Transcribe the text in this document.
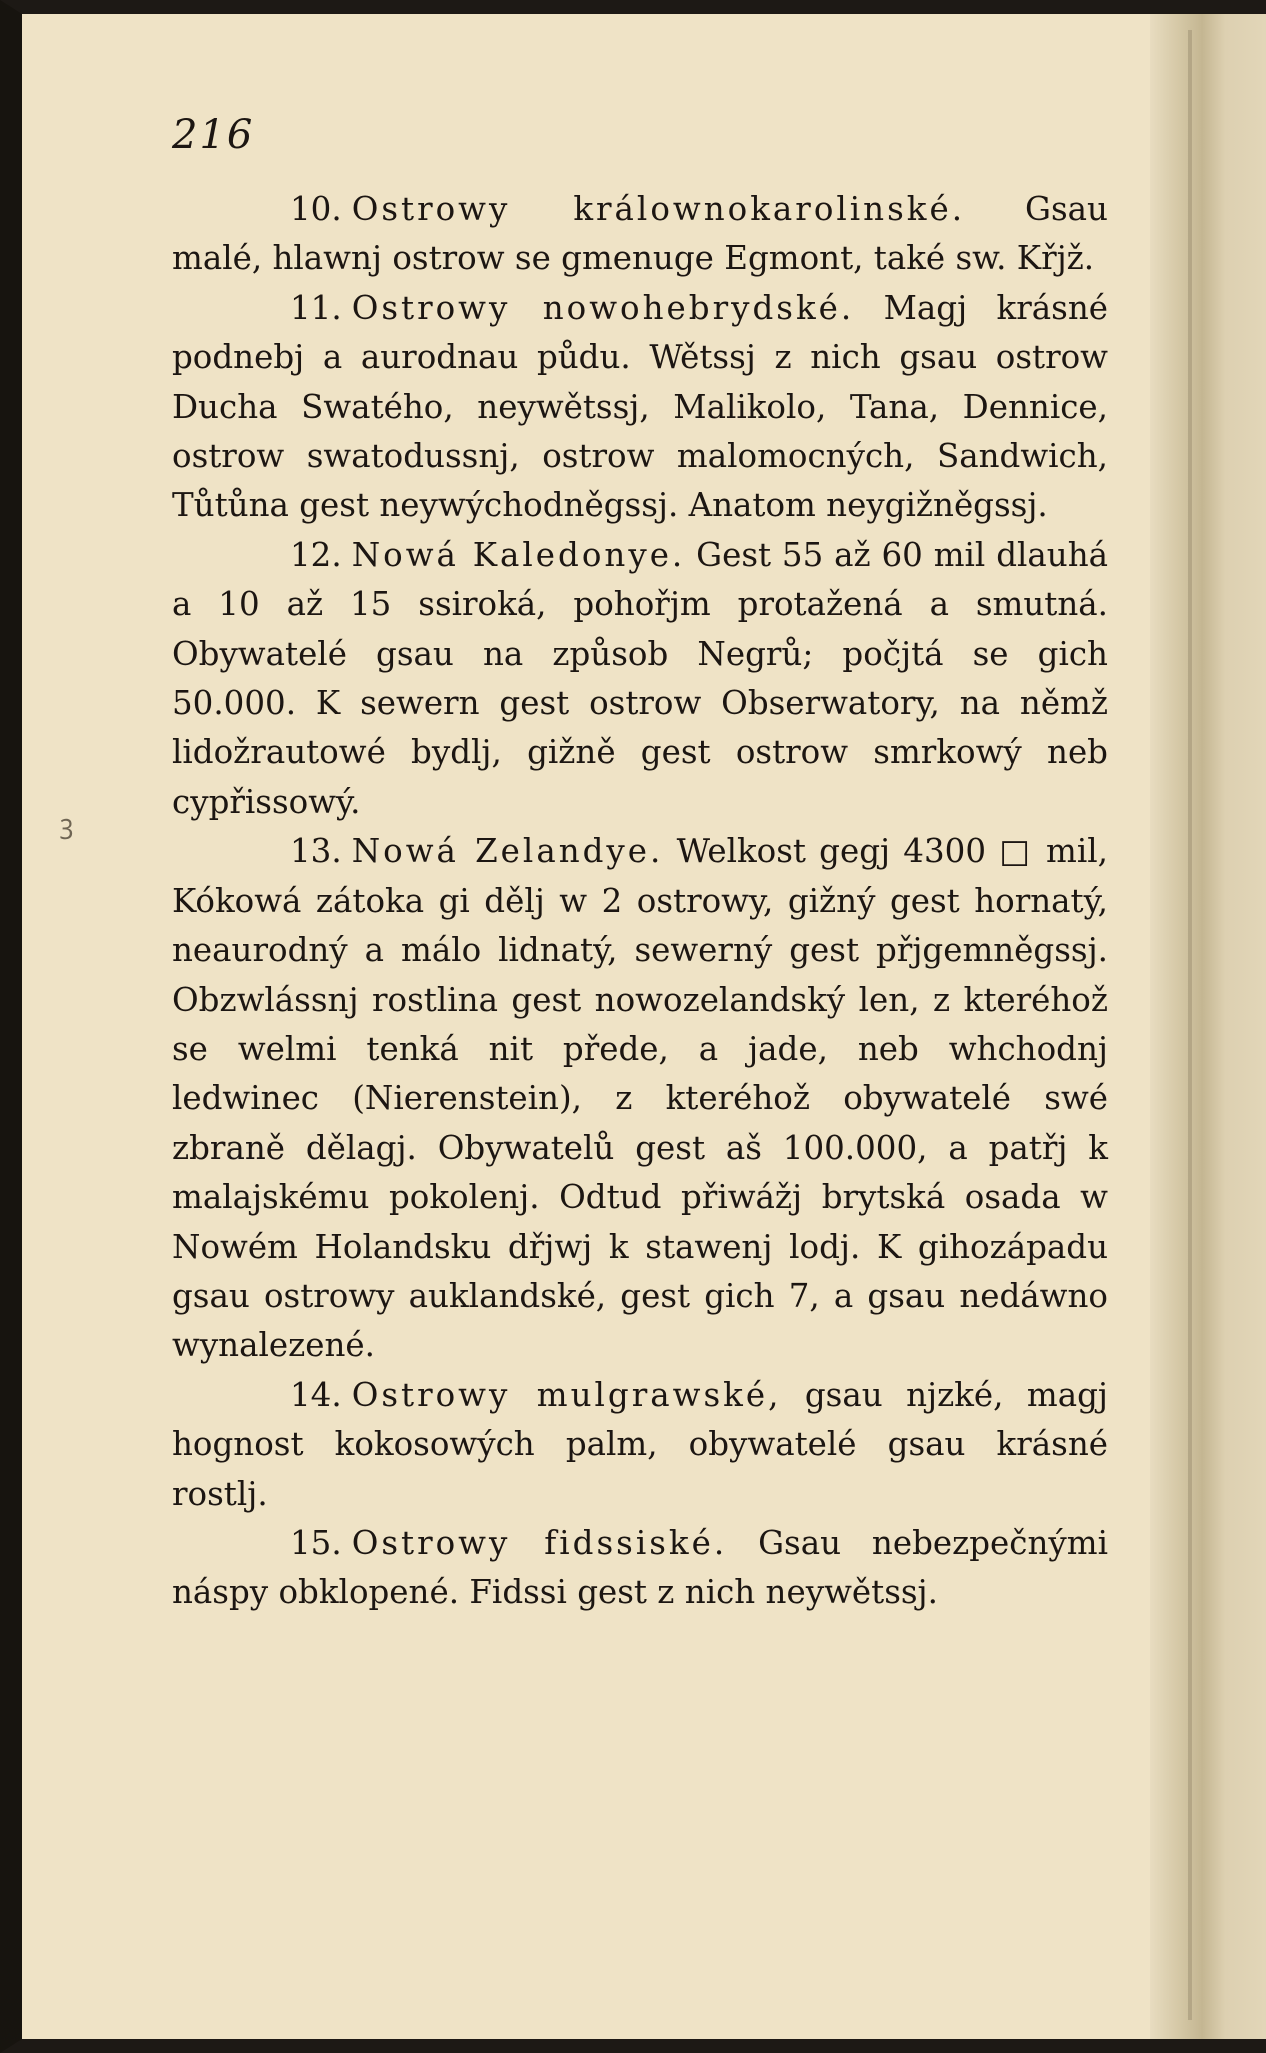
216
ꝫ

10. Ostrowy králownokarolinské. Gsau malé, hlawnj ostrow se gmenuge Egmont, také sw. Křjž.

11. Ostrowy nowohebrydské. Magj krásné podnebj a aurodnau půdu. Wětssj z nich gsau ostrow Ducha Swatého, neywětssj, Malikolo, Tana, Dennice, ostrow swatodussnj, ostrow malomocných, Sandwich, Tůtůna gest neywýchodněgssj. Anatom neygižněgssj.

12. Nowá Kaledonye. Gest 55 až 60 mil dlauhá a 10 až 15 ssiroká, pohořjm protažená a smutná. Obywatelé gsau na způsob Negrů; počjtá se gich 50.000. K sewern gest ostrow Obserwatory, na němž lidožrautowé bydlj, gižně gest ostrow smrkowý neb cypřissowý.

13. Nowá Zelandye. Welkost gegj 4300 □ mil, Kókowá zátoka gi dělj w 2 ostrowy, gižný gest hornatý, neaurodný a málo lidnatý, sewerný gest přjgemněgssj. Obzwlássnj rostlina gest nowozelandský len, z kteréhož se welmi tenká nit přede, a jade, neb whchodnj ledwinec (Nierenstein), z kteréhož obywatelé swé zbraně dělagj. Obywatelů gest aš 100.000, a patřj k malajskému pokolenj. Odtud přiwážj brytská osada w Nowém Holandsku dřjwj k stawenj lodj. K gihozápadu gsau ostrowy auklandské, gest gich 7, a gsau nedáwno wynalezené.

14. Ostrowy mulgrawské, gsau njzké, magj hognost kokosowých palm, obywatelé gsau krásné rostlj.

15. Ostrowy fidssiské. Gsau nebezpečnými náspy obklopené. Fidssi gest z nich neywětssj.
